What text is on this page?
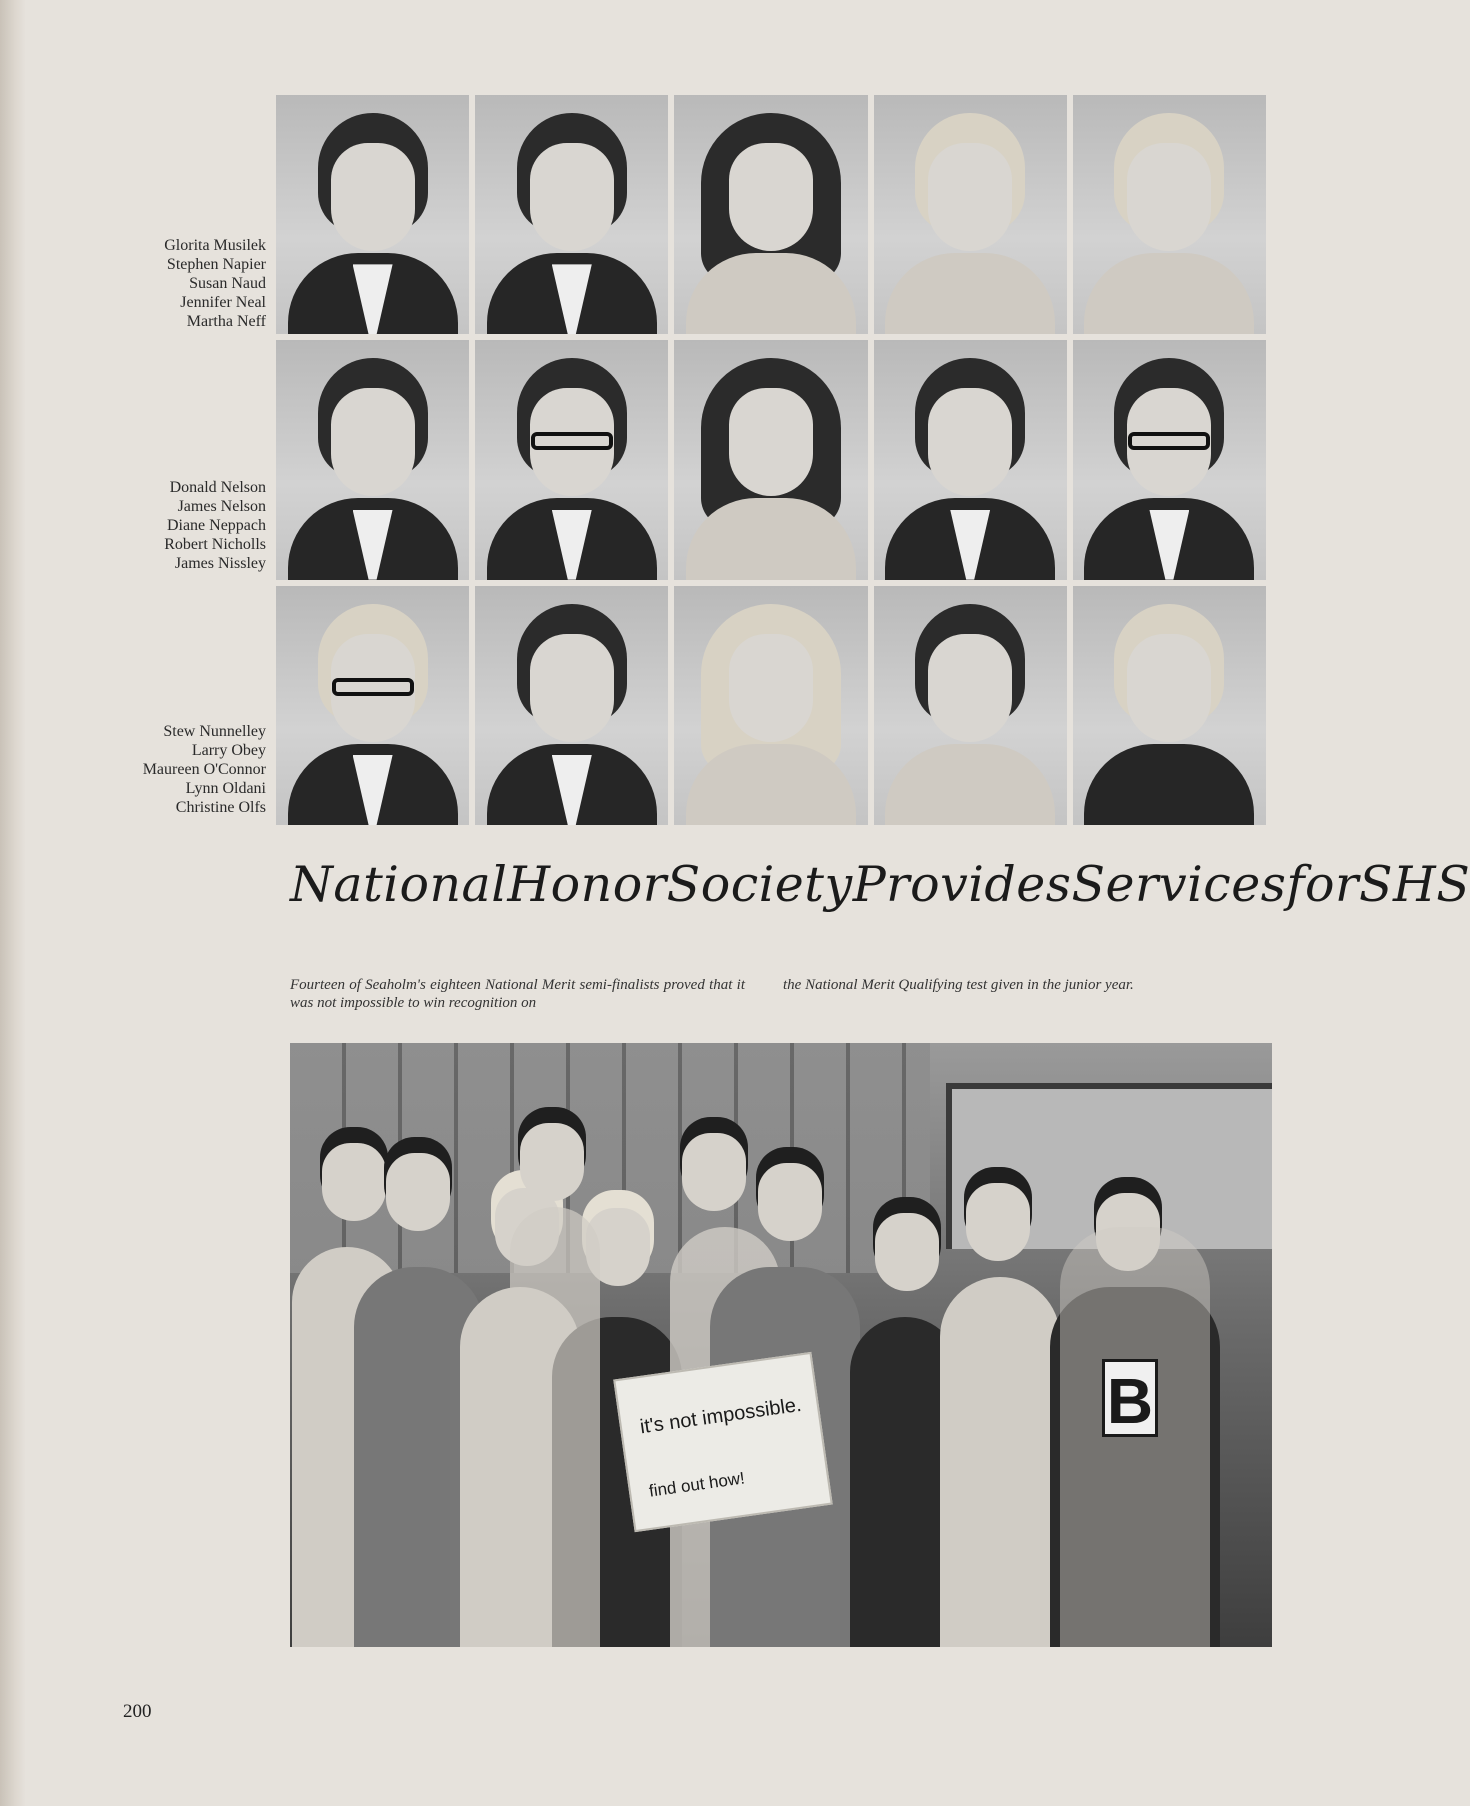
Glorita Musilek
Stephen Napier
Susan Naud
Jennifer Neal
Martha Neff
Donald Nelson
James Nelson
Diane Neppach
Robert Nicholls
James Nissley
Stew Nunnelley
Larry Obey
Maureen O'Connor
Lynn Oldani
Christine Olfs
National Honor Society Provides Services for SHS
Fourteen of Seaholm's eighteen National Merit semi-finalists proved that it was not impossible to win recognition on
the National Merit Qualifying test given in the junior year.
B
it's not impossible.
find out how!
200
